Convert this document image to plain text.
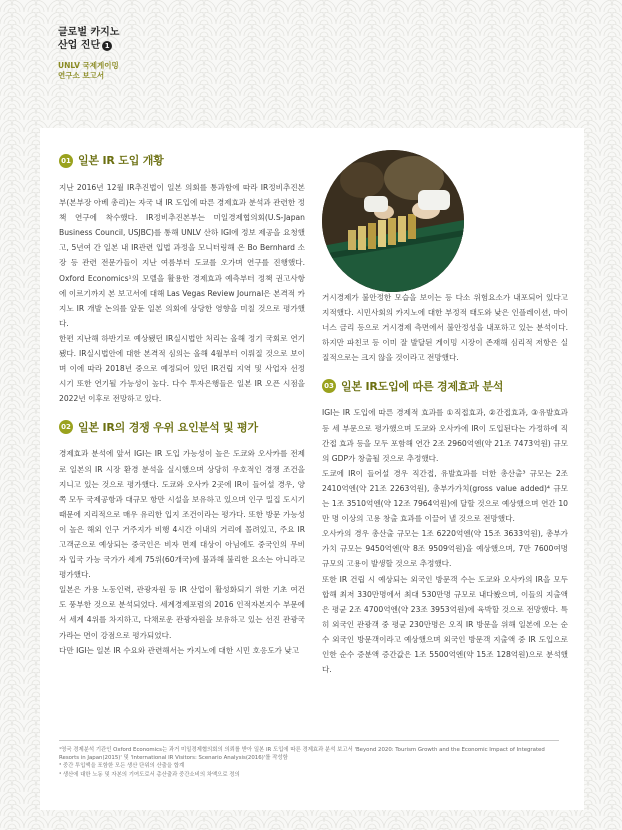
글로벌 카지노
산업 진단 1
UNLV 국제게이밍
연구소 보고서
01 일본 IR 도입 개황

지난 2016년 12월 IR추진법이 일본 의회를 통과함에 따라 IR정비추진본부(본부장 아베 총리)는 자국 내 IR 도입에 따른 경제효과 분석과 관련한 정책 연구에 착수했다. IR정비추진본부는 미일경제협의회(U.S-Japan Business Council, USJBC)를 통해 UNLV 산하 IGI에 정보 제공을 요청했고, 5년여 간 일본 내 IR관련 입법 과정을 모니터링해 온 Bo Bernhard 소장 등 관련 전문가들이 지난 여름부터 도쿄를 오가며 연구를 진행했다. Oxford Economics¹의 모델을 활용한 경제효과 예측부터 정책 권고사항에 이르기까지 본 보고서에 대해 Las Vegas Review Journal은 본격적 카지노 IR 개발 논의를 앞둔 일본 의회에 상당한 영향을 미칠 것으로 평가했다.

한편 지난해 하반기로 예상됐던 IR실시법안 처리는 올해 정기 국회로 연기됐다. IR실시법안에 대한 본격적 심의는 올해 4월부터 이뤄질 것으로 보이며 이에 따라 2018년 중으로 예정되어 있던 IR건립 지역 및 사업자 선정 시기 또한 연기될 가능성이 높다. 다수 투자은행들은 일본 IR 오픈 시점을 2022년 이후로 전망하고 있다.

02 일본 IR의 경쟁 우위 요인분석 및 평가

경제효과 분석에 앞서 IGI는 IR 도입 가능성이 높은 도쿄와 오사카를 전제로 일본의 IR 시장 환경 분석을 실시했으며 상당히 우호적인 경쟁 조건을 지니고 있는 것으로 평가했다. 도쿄와 오사카 2곳에 IR이 들어설 경우, 양쪽 모두 국제공항과 대규모 항만 시설을 보유하고 있으며 인구 밀집 도시기 때문에 지리적으로 매우 유리한 입지 조건이라는 평가다. 또한 방문 가능성이 높은 해외 인구 거주지가 비행 4시간 이내의 거리에 몰려있고, 주요 IR 고객군으로 예상되는 중국인은 비자 면제 대상이 아님에도 중국인의 무비자 입국 가능 국가가 세계 75위(60개국)에 불과해 불리한 요소는 아니라고 평가했다.

일본은 가용 노동인력, 관광자원 등 IR 산업이 활성화되기 위한 기초 여건도 풍부한 것으로 분석되었다. 세계경제포럼의 2016 인적자본지수 부문에서 세계 4위를 차지하고, 다채로운 관광자원을 보유하고 있는 선진 관광국가라는 면이 강점으로 평가되었다.

다만 IGI는 일본 IR 수요와 관련해서는 카지노에 대한 시민 호응도가 낮고

거시경제가 불안정한 모습을 보이는 등 다소 위험요소가 내포되어 있다고 지적했다. 시민사회의 카지노에 대한 부정적 태도와 낮은 인플레이션, 마이너스 금리 등으로 거시경제 측면에서 불안정성을 내포하고 있는 분석이다. 하지만 파친코 등 이미 잘 발달된 게이밍 시장이 존재해 심리적 저항은 실질적으로는 크지 않을 것이라고 전망했다.

03 일본 IR도입에 따른 경제효과 분석

IGI는 IR 도입에 따른 경제적 효과를 ①직접효과, ②간접효과, ③유발효과 등 세 부문으로 평가했으며 도쿄와 오사카에 IR이 도입된다는 가정하에 직간접 효과 등을 모두 포함해 연간 2조 2960억엔(약 21조 7473억원) 규모의 GDP가 창출될 것으로 추정했다.

도쿄에 IR이 들어설 경우 직간접, 유발효과를 더한 총산출³ 규모는 2조 2410억엔(약 21조 2263억원), 총부가가치(gross value added)⁴ 규모는 1조 3510억엔(약 12조 7964억원)에 달할 것으로 예상했으며 연간 10만 명 이상의 고용 창출 효과를 이끌어 낼 것으로 전망했다.

오사카의 경우 총산출 규모는 1조 6220억엔(약 15조 3633억원), 총부가가치 규모는 9450억엔(약 8조 9509억원)을 예상했으며, 7만 7600여명 규모의 고용이 발생할 것으로 추정했다.

또한 IR 건립 시 예상되는 외국인 방문객 수는 도쿄와 오사카의 IR을 모두 합해 최저 330만명에서 최대 530만명 규모로 내다봤으며, 이들의 지출액은 평균 2조 4700억엔(약 23조 3953억원)에 육박할 것으로 전망했다. 특히 외국인 관광객 중 평균 230만명은 오직 IR 방문을 위해 일본에 오는 순수 외국인 방문객이라고 예상했으며 외국인 방문객 지출액 중 IR 도입으로 인한 순수 증분액 증간값은 1조 5500억엔(약 15조 128억원)으로 분석했다.

¹영국 경제분석 기관인 Oxford Economics는 과거 미일경제협의회의 의뢰를 받아 일본 IR 도입에 따른 경제효과 분석 보고서 'Beyond 2020: Tourism Growth and the Economic Impact of Integrated Resorts in Japan(2015)' 및 'International IR Visitors: Scenario Analysis(2016)'를 작성함

³ 중간 투입액을 포함한 모든 생산 단위의 산출을 합계

⁴ 생산에 대한 노동 및 자본의 기여도로서 총산출과 중간소비의 차액으로 정의
